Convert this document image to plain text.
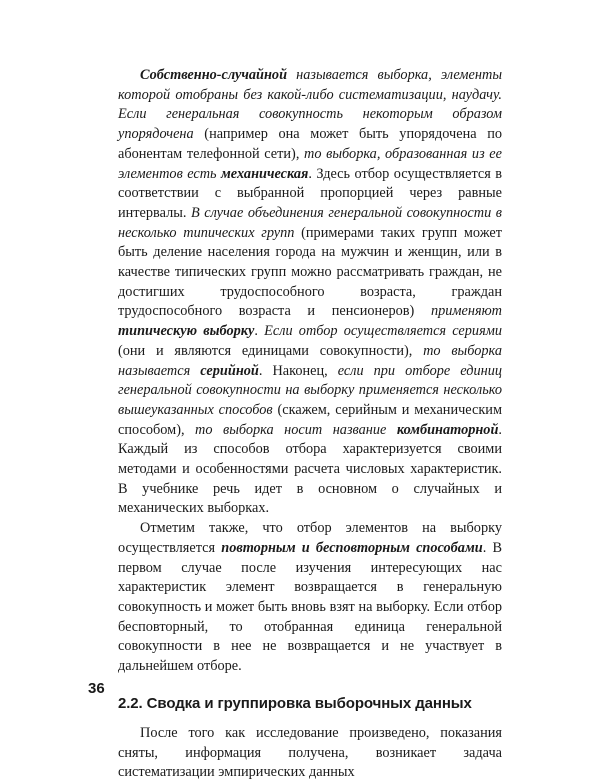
Собственно-случайной называется выборка, элементы которой отобраны без какой-либо систематизации, наудачу. Если генеральная совокупность некоторым образом упорядочена (например она может быть упорядочена по абонентам телефонной сети), то выборка, образованная из ее элементов есть механическая. Здесь отбор осуществляется в соответствии с выбранной пропорцией через равные интервалы. В случае объединения генеральной совокупности в несколько типических групп (примерами таких групп может быть деление населения города на мужчин и женщин, или в качестве типических групп можно рассматривать граждан, не достигших трудоспособного возраста, граждан трудоспособного возраста и пенсионеров) применяют типическую выборку. Если отбор осуществляется сериями (они и являются единицами совокупности), то выборка называется серийной. Наконец, если при отборе единиц генеральной совокупности на выборку применяется несколько вышеуказанных способов (скажем, серийным и механическим способом), то выборка носит название комбинаторной. Каждый из способов отбора характеризуется своими методами и особенностями расчета числовых характеристик. В учебнике речь идет в основном о случайных и механических выборках.

Отметим также, что отбор элементов на выборку осуществляется повторным и бесповторным способами. В первом случае после изучения интересующих нас характеристик элемент возвращается в генеральную совокупность и может быть вновь взят на выборку. Если отбор бесповторный, то отобранная единица генеральной совокупности в нее не возвращается и не участвует в дальнейшем отборе.

2.2. Сводка и группировка выборочных данных

После того как исследование произведено, показания сняты, информация получена, возникает задача систематизации эмпирических данных

36
